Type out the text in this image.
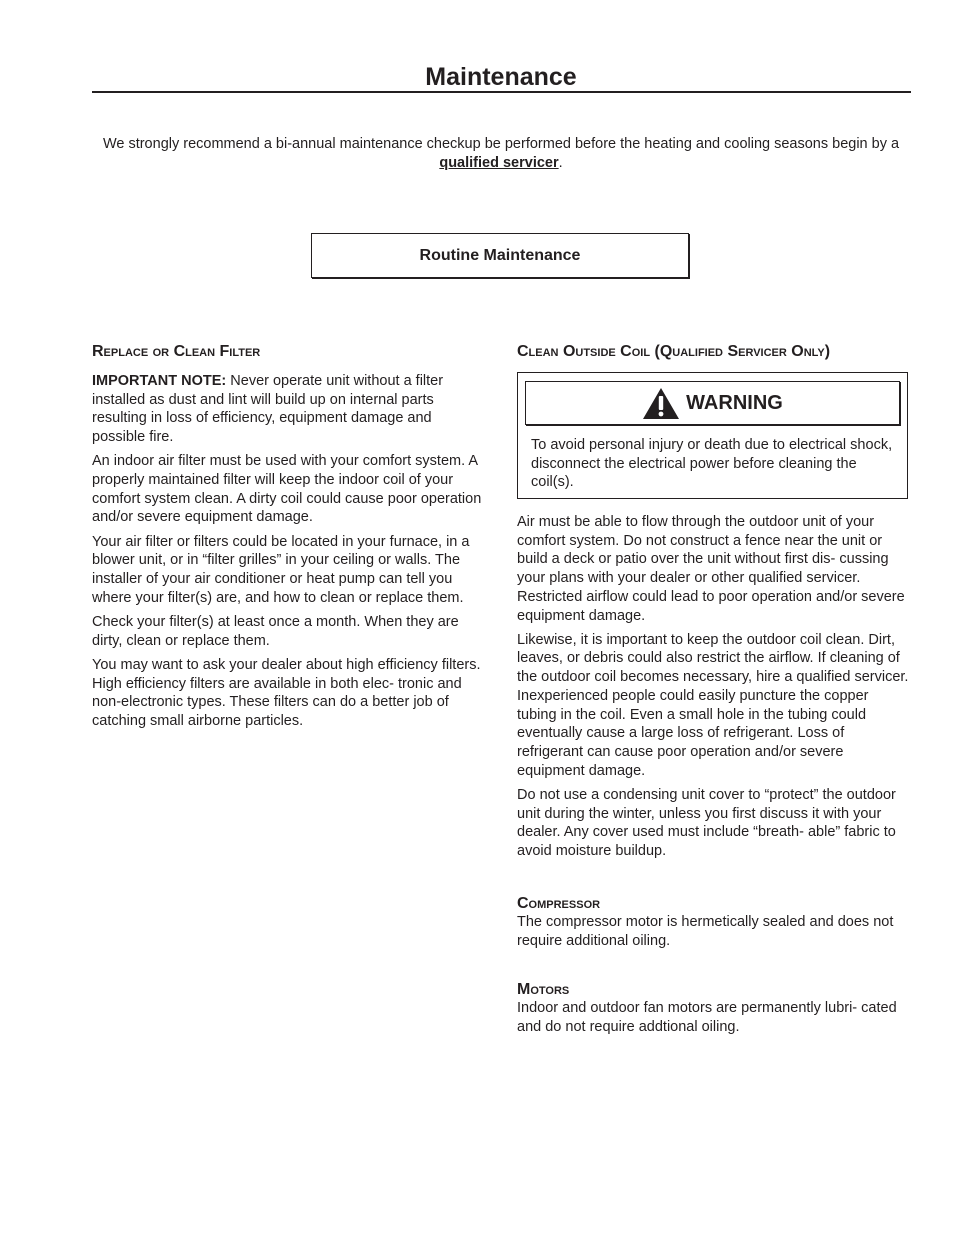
Maintenance
We strongly recommend a bi-annual maintenance checkup be performed before the heating and cooling seasons begin by a qualified servicer.
Routine Maintenance
Replace or Clean Filter

IMPORTANT NOTE: Never operate unit without a filter installed as dust and lint will build up on internal parts resulting in loss of efficiency, equipment damage and possible fire.

An indoor air filter must be used with your comfort system. A properly maintained filter will keep the indoor coil of your comfort system clean. A dirty coil could cause poor operation and/or severe equipment damage.

Your air filter or filters could be located in your furnace, in a blower unit, or in “filter grilles” in your ceiling or walls. The installer of your air conditioner or heat pump can tell you where your filter(s) are, and how to clean or replace them.

Check your filter(s) at least once a month. When they are dirty, clean or replace them.

You may want to ask your dealer about high efficiency filters. High efficiency filters are available in both elec- tronic and non-electronic types. These filters can do a better job of catching small airborne particles.

Clean Outside Coil (Qualified Servicer Only)
WARNING
To avoid personal injury or death due to electrical shock, disconnect the electrical power before cleaning the coil(s).

Air must be able to flow through the outdoor unit of your comfort system. Do not construct a fence near the unit or build a deck or patio over the unit without first dis- cussing your plans with your dealer or other qualified servicer. Restricted airflow could lead to poor operation and/or severe equipment damage.

Likewise, it is important to keep the outdoor coil clean. Dirt, leaves, or debris could also restrict the airflow. If cleaning of the outdoor coil becomes necessary, hire a qualified servicer. Inexperienced people could easily puncture the copper tubing in the coil. Even a small hole in the tubing could eventually cause a large loss of refrigerant. Loss of refrigerant can cause poor operation and/or severe equipment damage.

Do not use a condensing unit cover to “protect” the outdoor unit during the winter, unless you first discuss it with your dealer. Any cover used must include “breath- able” fabric to avoid moisture buildup.

Compressor

The compressor motor is hermetically sealed and does not require additional oiling.

Motors

Indoor and outdoor fan motors are permanently lubri- cated and do not require addtional oiling.
